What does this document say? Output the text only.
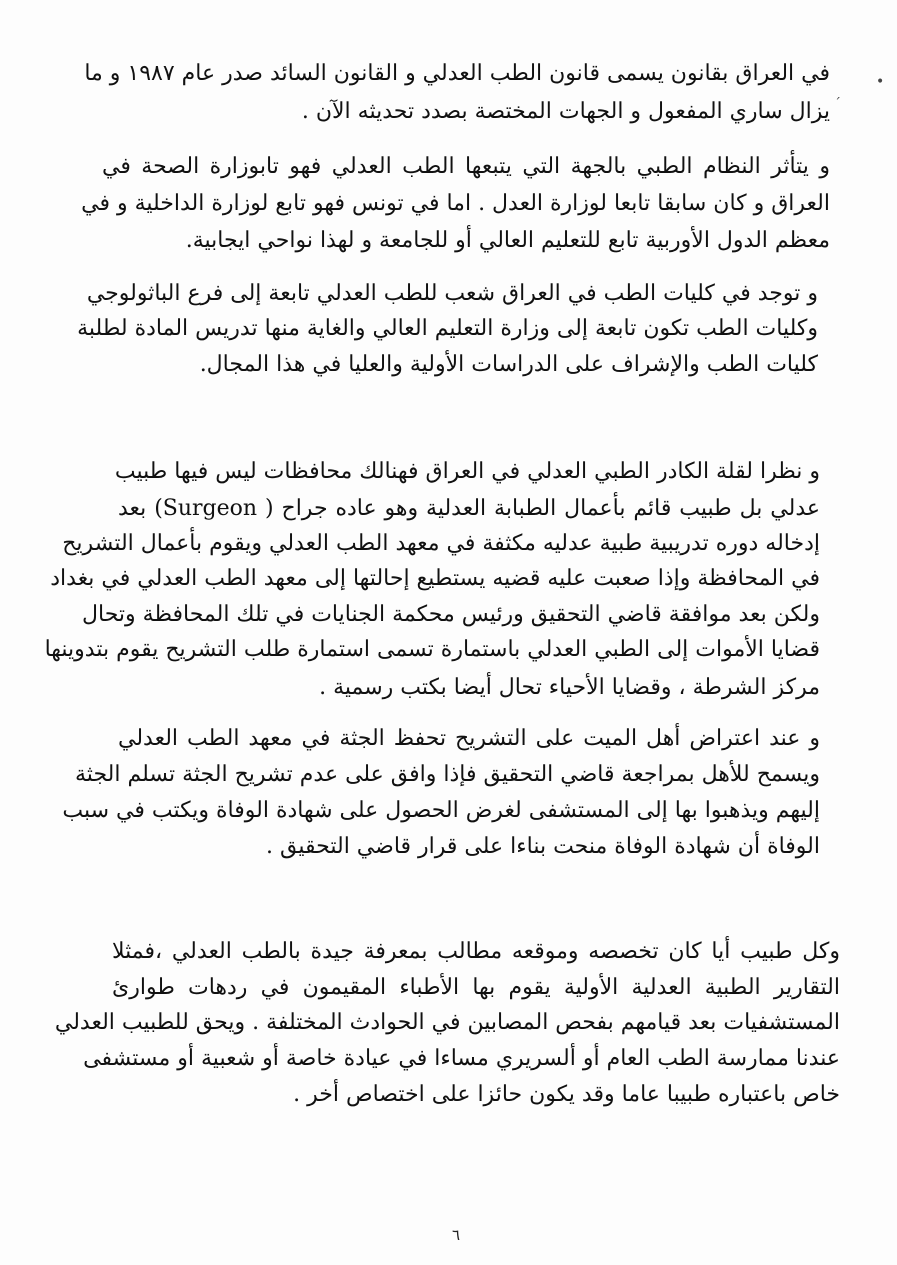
في العراق بقانون يسمى قانون الطب العدلي و القانون السائد صدر عام ١٩٨٧ و ما
يزال ساري المفعول و الجهات المختصة بصدد تحديثه الآن .
و يتأثر النظام الطبي بالجهة التي يتبعها الطب العدلي فهو تابوزارة الصحة في
العراق و كان سابقا تابعا لوزارة العدل . اما في تونس فهو تابع لوزارة الداخلية و في
معظم الدول الأوربية تابع للتعليم العالي أو للجامعة و لهذا نواحي ايجابية.
و توجد في كليات الطب في العراق شعب للطب العدلي تابعة إلى فرع الباثولوجي
وكليات الطب تكون تابعة إلى وزارة التعليم العالي والغاية منها تدريس المادة لطلبة
كليات الطب والإشراف على الدراسات الأولية والعليا في هذا المجال.
و نظرا لقلة الكادر الطبي العدلي في العراق فهنالك محافظات ليس فيها طبيب
عدلي بل طبيب قائم بأعمال الطبابة العدلية وهو عاده جراح ( Surgeon) بعد
إدخاله دوره تدريبية طبية عدليه مكثفة في معهد الطب العدلي ويقوم بأعمال التشريح
في المحافظة وإذا صعبت عليه قضيه يستطيع إحالتها إلى معهد الطب العدلي في بغداد
ولكن بعد موافقة قاضي التحقيق ورئيس محكمة الجنايات في تلك المحافظة وتحال
قضايا الأموات إلى الطبي العدلي باستمارة تسمى استمارة طلب التشريح يقوم بتدوينها
مركز الشرطة ، وقضايا الأحياء تحال أيضا بكتب رسمية .
و عند اعتراض أهل الميت على التشريح تحفظ الجثة في معهد الطب العدلي
ويسمح للأهل بمراجعة قاضي التحقيق فإذا وافق على عدم تشريح الجثة تسلم الجثة
إليهم ويذهبوا بها إلى المستشفى لغرض الحصول على شهادة الوفاة ويكتب في سبب
الوفاة أن شهادة الوفاة منحت بناءا على قرار قاضي التحقيق .
وكل طبيب أيا كان تخصصه وموقعه مطالب بمعرفة جيدة بالطب العدلي ،فمثلا
التقارير الطبية العدلية الأولية يقوم بها الأطباء المقيمون في ردهات طوارئ
المستشفيات بعد قيامهم بفحص المصابين في الحوادث المختلفة . ويحق للطبيب العدلي
عندنا ممارسة الطب العام أو ألسريري مساءا في عيادة خاصة أو شعبية أو مستشفى
خاص باعتباره طبيبا عاما وقد يكون حائزا على اختصاص أخر .
•
ˊ
٦
